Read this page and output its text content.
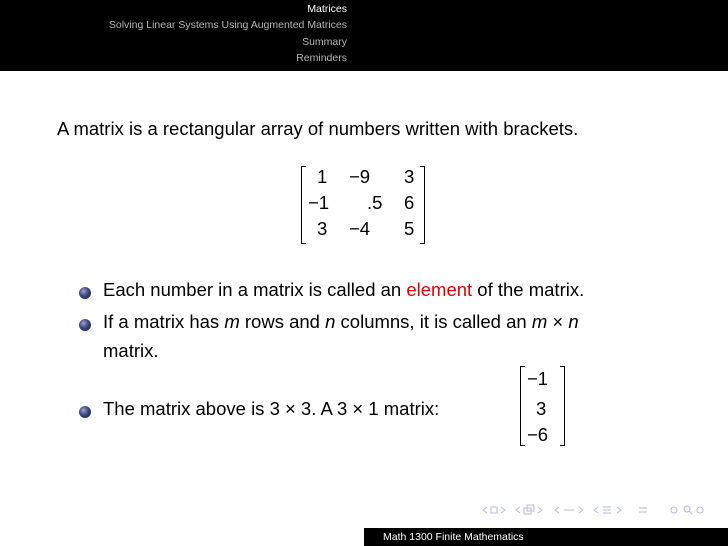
Matrices
Solving Linear Systems Using Augmented Matrices
Summary
Reminders
A matrix is a rectangular array of numbers written with brackets.
1 −9 3
−1 .5 6
3 −4 5
Each number in a matrix is called an element of the matrix.
If a matrix has m rows and n columns, it is called an m × n
matrix.
The matrix above is 3 × 3. A 3 × 1 matrix:
−1
3
−6
Math 1300 Finite Mathematics
